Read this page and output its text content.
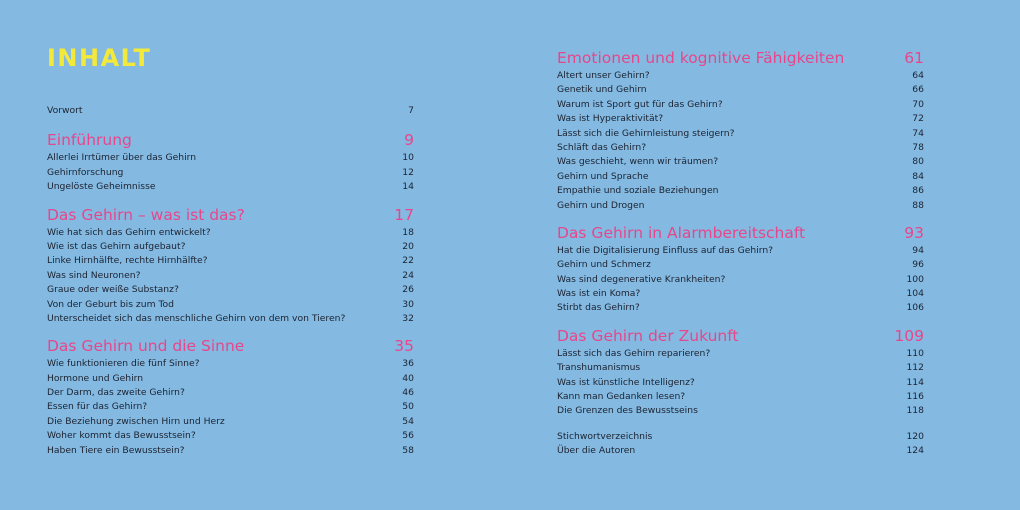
INHALT
Vorwort	7
Einführung	9
Allerlei Irrtümer über das Gehirn	10
Gehirnforschung	12
Ungelöste Geheimnisse	14
Das Gehirn – was ist das?	17
Wie hat sich das Gehirn entwickelt?	18
Wie ist das Gehirn aufgebaut?	20
Linke Hirnhälfte, rechte Hirnhälfte?	22
Was sind Neuronen?	24
Graue oder weiße Substanz?	26
Von der Geburt bis zum Tod	30
Unterscheidet sich das menschliche Gehirn von dem von Tieren?	32
Das Gehirn und die Sinne	35
Wie funktionieren die fünf Sinne?	36
Hormone und Gehirn	40
Der Darm, das zweite Gehirn?	46
Essen für das Gehirn?	50
Die Beziehung zwischen Hirn und Herz	54
Woher kommt das Bewusstsein?	56
Haben Tiere ein Bewusstsein?	58
Emotionen und kognitive Fähigkeiten	61
Altert unser Gehirn?	64
Genetik und Gehirn	66
Warum ist Sport gut für das Gehirn?	70
Was ist Hyperaktivität?	72
Lässt sich die Gehirnleistung steigern?	74
Schläft das Gehirn?	78
Was geschieht, wenn wir träumen?	80
Gehirn und Sprache	84
Empathie und soziale Beziehungen	86
Gehirn und Drogen	88
Das Gehirn in Alarmbereitschaft	93
Hat die Digitalisierung Einfluss auf das Gehirn?	94
Gehirn und Schmerz	96
Was sind degenerative Krankheiten?	100
Was ist ein Koma?	104
Stirbt das Gehirn?	106
Das Gehirn der Zukunft	109
Lässt sich das Gehirn reparieren?	110
Transhumanismus	112
Was ist künstliche Intelligenz?	114
Kann man Gedanken lesen?	116
Die Grenzen des Bewusstseins	118
Stichwortverzeichnis	120
Über die Autoren	124
